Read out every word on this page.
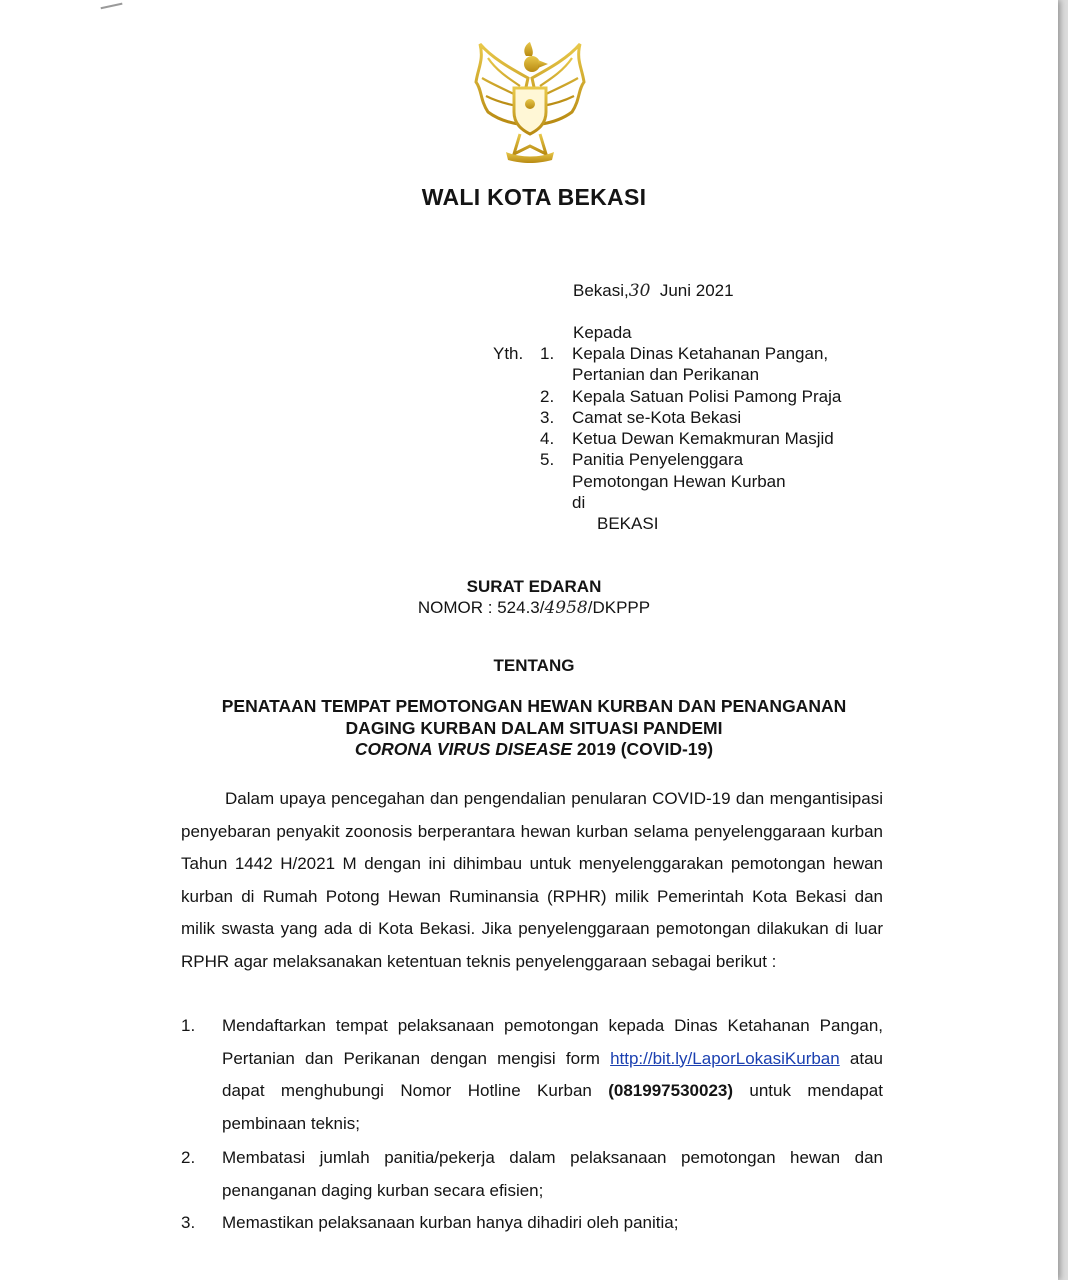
WALI KOTA BEKASI
Bekasi,30 Juni 2021
Kepada
Yth. 1.	Kepala Dinas Ketahanan Pangan,
Pertanian dan Perikanan
2.	Kepala Satuan Polisi Pamong Praja
3.	Camat se-Kota Bekasi
4.	Ketua Dewan Kemakmuran Masjid
5.	Panitia Penyelenggara
Pemotongan Hewan Kurban
di
BEKASI
SURAT EDARAN
NOMOR : 524.3/4958/DKPPP
TENTANG
PENATAAN TEMPAT PEMOTONGAN HEWAN KURBAN DAN PENANGANAN
DAGING KURBAN DALAM SITUASI PANDEMI
CORONA VIRUS DISEASE 2019 (COVID-19)

Dalam upaya pencegahan dan pengendalian penularan COVID-19 dan mengantisipasi penyebaran penyakit zoonosis berperantara hewan kurban selama penyelenggaraan kurban Tahun 1442 H/2021 M dengan ini dihimbau untuk menyelenggarakan pemotongan hewan kurban di Rumah Potong Hewan Ruminansia (RPHR) milik Pemerintah Kota Bekasi dan milik swasta yang ada di Kota Bekasi. Jika penyelenggaraan pemotongan dilakukan di luar RPHR agar melaksanakan ketentuan teknis penyelenggaraan sebagai berikut :

1.	Mendaftarkan tempat pelaksanaan pemotongan kepada Dinas Ketahanan Pangan, Pertanian dan Perikanan dengan mengisi form http://bit.ly/LaporLokasiKurban atau dapat menghubungi Nomor Hotline Kurban (081997530023) untuk mendapat pembinaan teknis;
2.	Membatasi jumlah panitia/pekerja dalam pelaksanaan pemotongan hewan dan penanganan daging kurban secara efisien;
3.	Memastikan pelaksanaan kurban hanya dihadiri oleh panitia;
